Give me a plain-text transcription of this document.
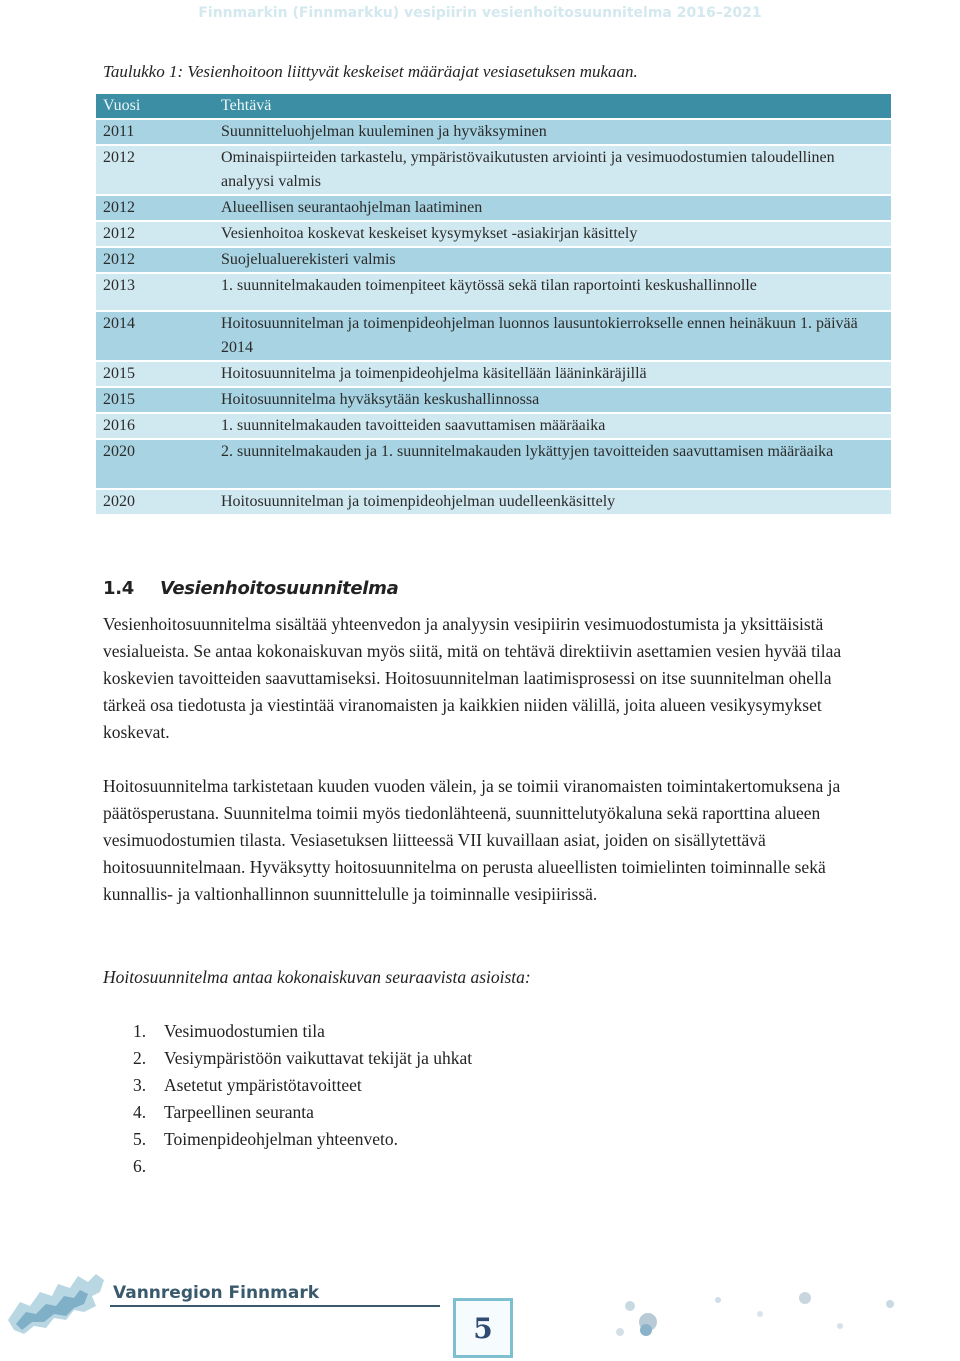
Finnmarkin (Finnmarkku) vesipiirin vesienhoitosuunnitelma 2016–2021
Taulukko 1: Vesienhoitoon liittyvät keskeiset määräajat vesiasetuksen mukaan.
Vuosi	Tehtävä
2011	Suunnitteluohjelman kuuleminen ja hyväksyminen
2012	Ominaispiirteiden tarkastelu, ympäristövaikutusten arviointi ja vesimuodostumien taloudellinen analyysi valmis
2012	Alueellisen seurantaohjelman laatiminen
2012	Vesienhoitoa koskevat keskeiset kysymykset -asiakirjan käsittely
2012	Suojelualuerekisteri valmis
2013	1. suunnitelmakauden toimenpiteet käytössä sekä tilan raportointi keskushallinnolle
2014	Hoitosuunnitelman ja toimenpideohjelman luonnos lausuntokierrokselle ennen heinäkuun 1. päivää 2014
2015	Hoitosuunnitelma ja toimenpideohjelma käsitellään lääninkäräjillä
2015	Hoitosuunnitelma hyväksytään keskushallinnossa
2016	1. suunnitelmakauden tavoitteiden saavuttamisen määräaika
2020	2. suunnitelmakauden ja 1. suunnitelmakauden lykättyjen tavoitteiden saavuttamisen määräaika
2020	Hoitosuunnitelman ja toimenpideohjelman uudelleenkäsittely
1.4 Vesienhoitosuunnitelma

Vesienhoitosuunnitelma sisältää yhteenvedon ja analyysin vesipiirin vesimuodostumista ja yksittäisistä vesialueista. Se antaa kokonaiskuvan myös siitä, mitä on tehtävä direktiivin asettamien vesien hyvää tilaa koskevien tavoitteiden saavuttamiseksi. Hoitosuunnitelman laatimisprosessi on itse suunnitelman ohella tärkeä osa tiedotusta ja viestintää viranomaisten ja kaikkien niiden välillä, joita alueen vesikysymykset koskevat.

Hoitosuunnitelma tarkistetaan kuuden vuoden välein, ja se toimii viranomaisten toimintakertomuksena ja päätösperustana. Suunnitelma toimii myös tiedonlähteenä, suunnittelutyökaluna sekä raporttina alueen vesimuodostumien tilasta. Vesiasetuksen liitteessä VII kuvaillaan asiat, joiden on sisällytettävä hoitosuunnitelmaan. Hyväksytty hoitosuunnitelma on perusta alueellisten toimielinten toiminnalle sekä kunnallis- ja valtionhallinnon suunnittelulle ja toiminnalle vesipiirissä.

Hoitosuunnitelma antaa kokonaiskuvan seuraavista asioista:

1. Vesimuodostumien tila
2. Vesiympäristöön vaikuttavat tekijät ja uhkat
3. Asetetut ympäristötavoitteet
4. Tarpeellinen seuranta
5. Toimenpideohjelman yhteenveto.
6.
Vannregion Finnmark
5
